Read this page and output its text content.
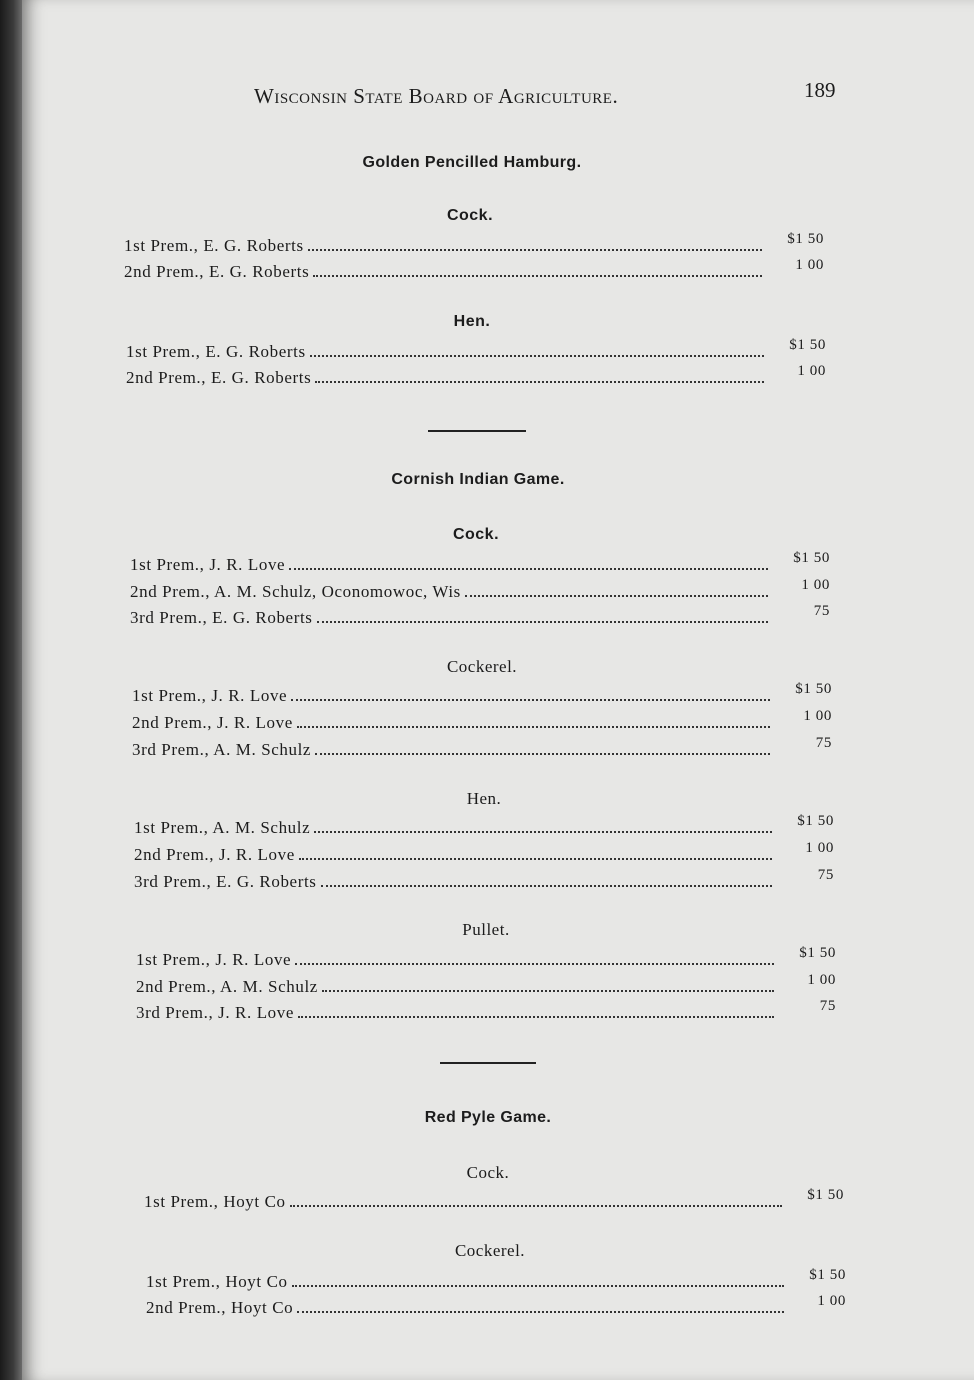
Wisconsin State Board of Agriculture.	189
Golden Pencilled Hamburg.
Cock.
1st Prem., E. G. Roberts	$1 50
2nd Prem., E. G. Roberts	1 00
Hen.
1st Prem., E. G. Roberts	$1 50
2nd Prem., E. G. Roberts	1 00
Cornish Indian Game.
Cock.
1st Prem., J. R. Love	$1 50
2nd Prem., A. M. Schulz, Oconomowoc, Wis	1 00
3rd Prem., E. G. Roberts	75
Cockerel.
1st Prem., J. R. Love	$1 50
2nd Prem., J. R. Love	1 00
3rd Prem., A. M. Schulz	75
Hen.
1st Prem., A. M. Schulz	$1 50
2nd Prem., J. R. Love	1 00
3rd Prem., E. G. Roberts	75
Pullet.
1st Prem., J. R. Love	$1 50
2nd Prem., A. M. Schulz	1 00
3rd Prem., J. R. Love	75
Red Pyle Game.
Cock.
1st Prem., Hoyt Co	$1 50
Cockerel.
1st Prem., Hoyt Co	$1 50
2nd Prem., Hoyt Co	1 00
